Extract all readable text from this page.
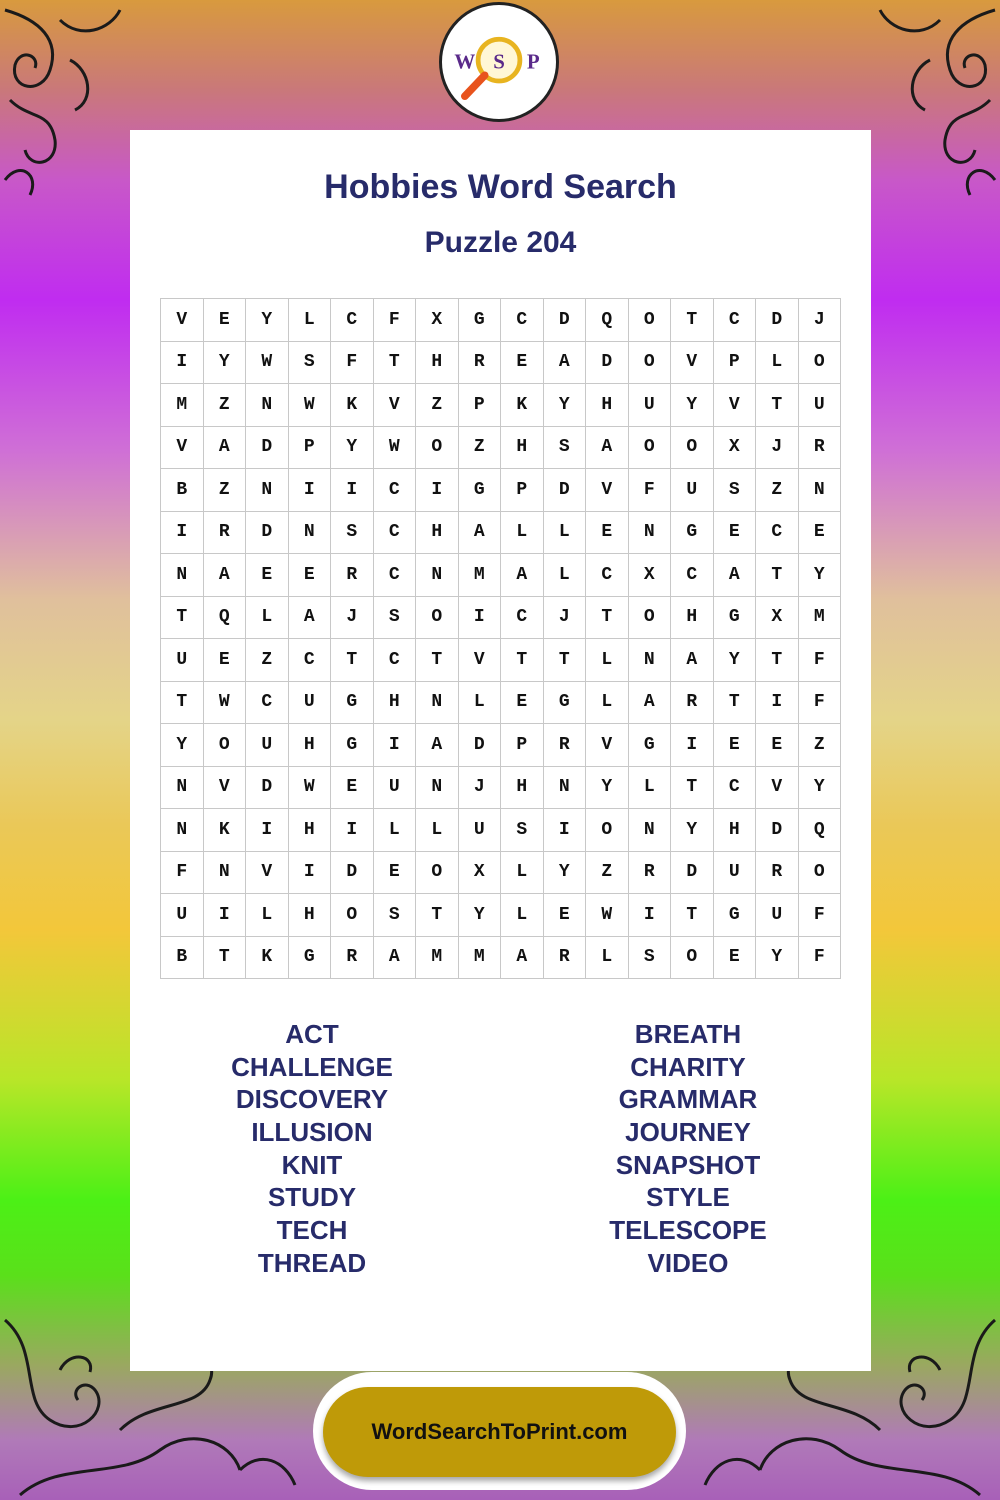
W S P
Hobbies Word Search
Puzzle 204
V	E	Y	L	C	F	X	G	C	D	Q	O	T	C	D	J
I	Y	W	S	F	T	H	R	E	A	D	O	V	P	L	O
M	Z	N	W	K	V	Z	P	K	Y	H	U	Y	V	T	U
V	A	D	P	Y	W	O	Z	H	S	A	O	O	X	J	R
B	Z	N	I	I	C	I	G	P	D	V	F	U	S	Z	N
I	R	D	N	S	C	H	A	L	L	E	N	G	E	C	E
N	A	E	E	R	C	N	M	A	L	C	X	C	A	T	Y
T	Q	L	A	J	S	O	I	C	J	T	O	H	G	X	M
U	E	Z	C	T	C	T	V	T	T	L	N	A	Y	T	F
T	W	C	U	G	H	N	L	E	G	L	A	R	T	I	F
Y	O	U	H	G	I	A	D	P	R	V	G	I	E	E	Z
N	V	D	W	E	U	N	J	H	N	Y	L	T	C	V	Y
N	K	I	H	I	L	L	U	S	I	O	N	Y	H	D	Q
F	N	V	I	D	E	O	X	L	Y	Z	R	D	U	R	O
U	I	L	H	O	S	T	Y	L	E	W	I	T	G	U	F
B	T	K	G	R	A	M	M	A	R	L	S	O	E	Y	F
ACT
CHALLENGE
DISCOVERY
ILLUSION
KNIT
STUDY
TECH
THREAD
BREATH
CHARITY
GRAMMAR
JOURNEY
SNAPSHOT
STYLE
TELESCOPE
VIDEO
WordSearchToPrint.com
